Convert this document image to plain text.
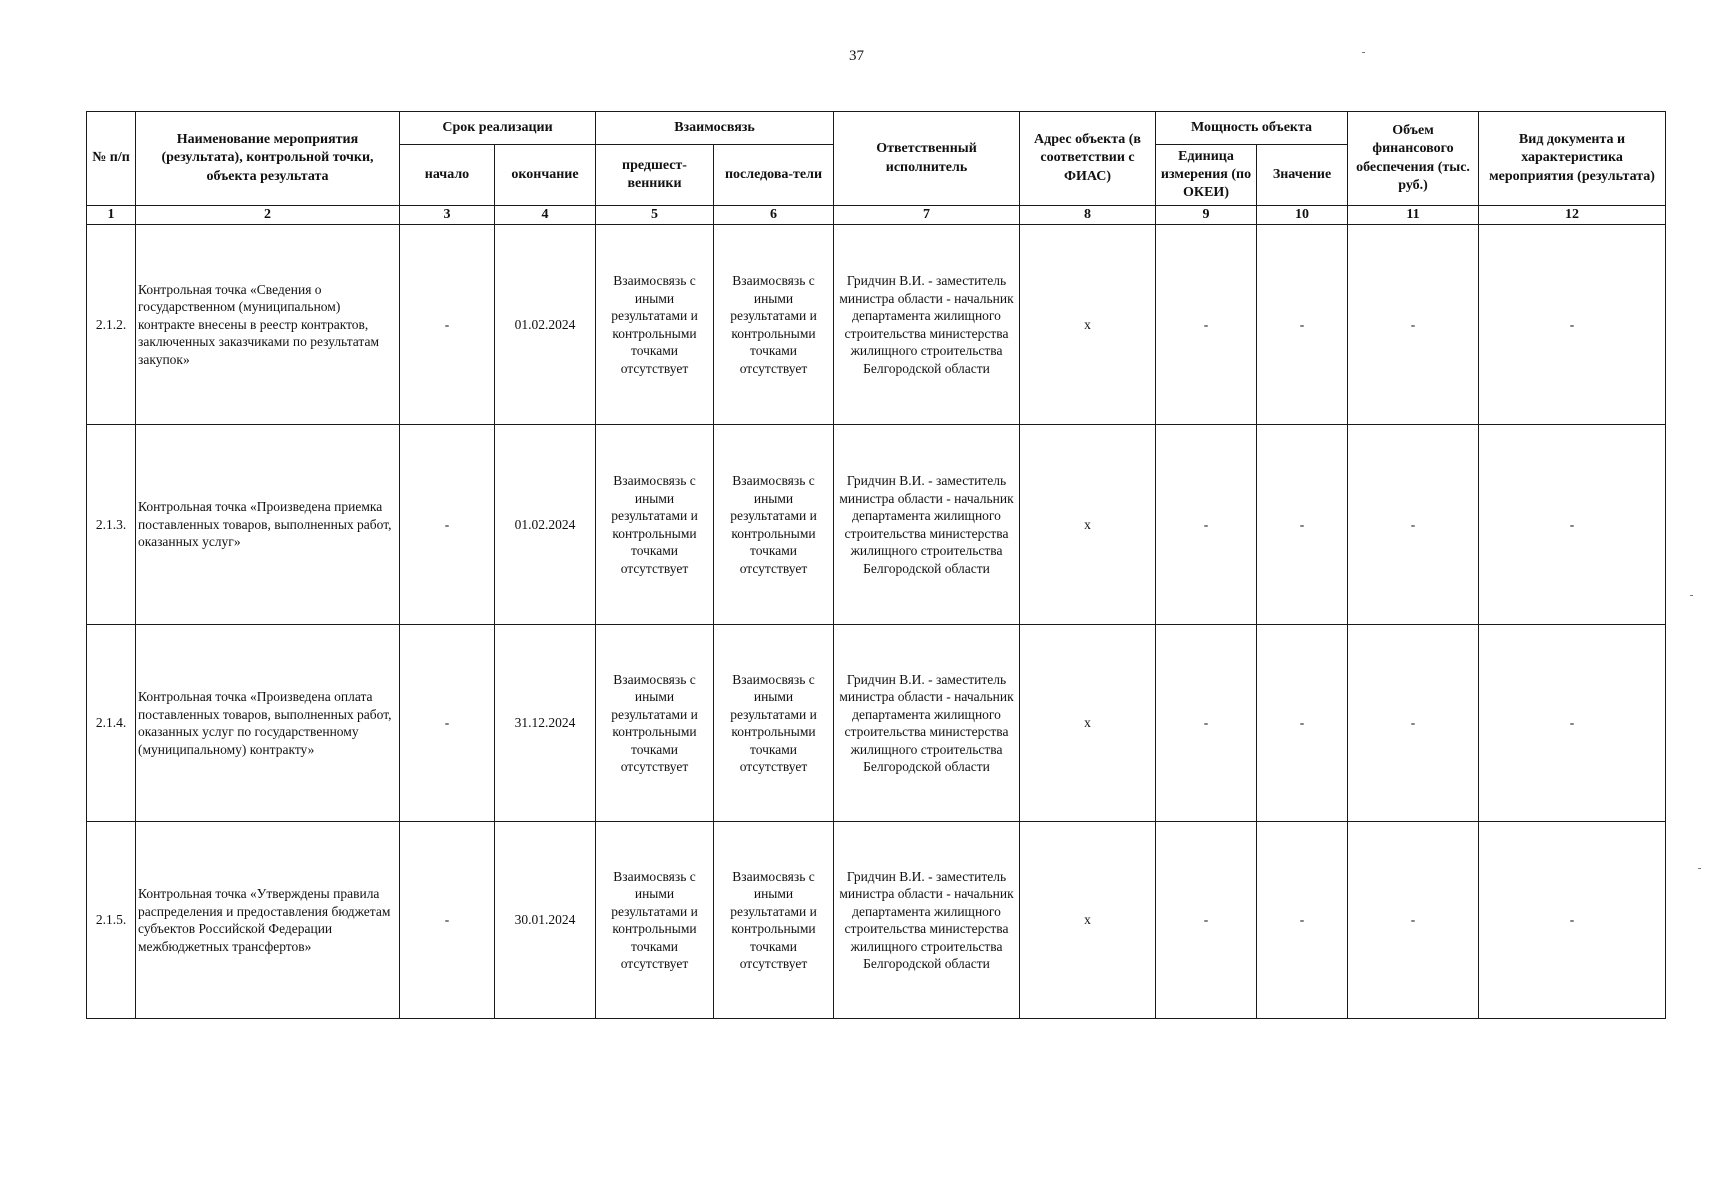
37
№ п/п	Наименование мероприятия (результата), контрольной точки, объекта результата	Срок реализации		Взаимосвязь		Ответственный исполнитель	Адрес объекта (в соответствии с ФИАС)	Мощность объекта		Объем финансового обеспечения (тыс. руб.)	Вид документа и характеристика мероприятия (результата)
		начало	окончание	предшест-венники	последова-тели			Единица измерения (по ОКЕИ)	Значение		
1	2	3	4	5	6	7	8	9	10	11	12
2.1.2.	Контрольная точка «Сведения о государственном (муниципальном) контракте внесены в реестр контрактов, заключенных заказчиками по результатам закупок»	-	01.02.2024	Взаимосвязь с иными результатами и контрольными точками отсутствует	Взаимосвязь с иными результатами и контрольными точками отсутствует	Гридчин В.И. - заместитель министра области - начальник департамента жилищного строительства министерства жилищного строительства Белгородской области	x	-	-	-	-
2.1.3.	Контрольная точка «Произведена приемка поставленных товаров, выполненных работ, оказанных услуг»	-	01.02.2024	Взаимосвязь с иными результатами и контрольными точками отсутствует	Взаимосвязь с иными результатами и контрольными точками отсутствует	Гридчин В.И. - заместитель министра области - начальник департамента жилищного строительства министерства жилищного строительства Белгородской области	x	-	-	-	-
2.1.4.	Контрольная точка «Произведена оплата поставленных товаров, выполненных работ, оказанных услуг по государственному (муниципальному) контракту»	-	31.12.2024	Взаимосвязь с иными результатами и контрольными точками отсутствует	Взаимосвязь с иными результатами и контрольными точками отсутствует	Гридчин В.И. - заместитель министра области - начальник департамента жилищного строительства министерства жилищного строительства Белгородской области	x	-	-	-	-
2.1.5.	Контрольная точка «Утверждены правила распределения и предоставления бюджетам субъектов Российской Федерации межбюджетных трансфертов»	-	30.01.2024	Взаимосвязь с иными результатами и контрольными точками отсутствует	Взаимосвязь с иными результатами и контрольными точками отсутствует	Гридчин В.И. - заместитель министра области - начальник департамента жилищного строительства министерства жилищного строительства Белгородской области	x	-	-	-	-
